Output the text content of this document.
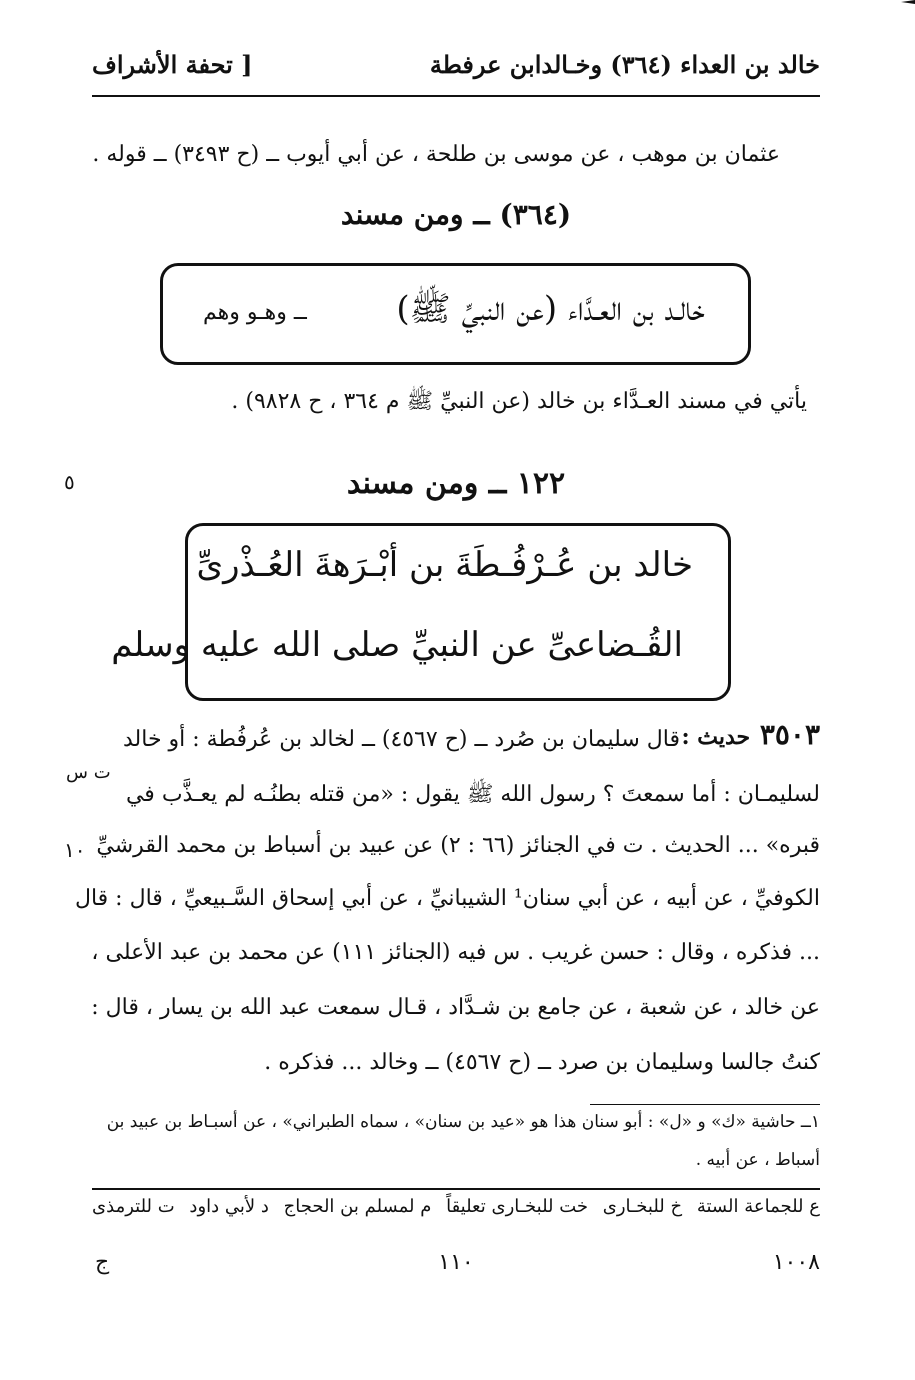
خالد بن العداء (٣٦٤) وخـالدابن عرفطة
[ تحفة الأشراف
عثمان بن موهب ، عن موسى بن طلحة ، عن أبي أيوب ــ (ح ٣٤٩٣) ــ قوله .
(٣٦٤) ــ ومن مسند
خالـد بن العـدَّاء (عن النبيِّ ﷺ)
ــ وهـو وهم
يأتي في مسند العـدَّاء بن خالد (عن النبيِّ ﷺ م ٣٦٤ ، ح ٩٨٢٨) .
٥	١٢٢ ــ ومن مسند
خالد بن عُـرْفُـطَةَ بن أبْـرَهةَ العُـذْرىِّ
القُـضاعىِّ عن النبيِّ صلى الله عليه وسلم
٣٥٠٣ حديث :
قال سليمان بن صُرد ــ (ح ٤٥٦٧) ــ لخالد بن عُرفُطة : أو خالد
ت س
لسليمـان : أما سمعتَ ؟ رسول الله ﷺ يقول : «من قتله بطنُـه لم يعـذَّب في
١٠ قبره» ... الحديث . ت في الجنائز (٦٦ : ٢) عن عبيد بن أسباط بن محمد القرشيِّ
الكوفيِّ ، عن أبيه ، عن أبي سنان¹ الشيبانيِّ ، عن أبي إسحاق السَّـبيعيِّ ، قال : قال
... فذكره ، وقال : حسن غريب . س فيه (الجنائز ١١١) عن محمد بن عبد الأعلى ،
عن خالد ، عن شعبة ، عن جامع بن شـدَّاد ، قـال سمعت عبد الله بن يسار ، قال :
كنتُ جالسا وسليمان بن صرد ــ (ح ٤٥٦٧) ــ وخالد ... فذكره .
١ــ حاشية «ك» و «ل» : أبو سنان هذا هو «عيد بن سنان» ، سماه الطبراني» ، عن أسبـاط بن عبيد بن
أسباط ، عن أبيه .
ع للجماعة الستة
خ للبخـارى
خت للبخـارى تعليقاً
م لمسلم بن الحجاج
د لأبي داود
ت للترمذى
ج	١١٠	١٠٠٨
